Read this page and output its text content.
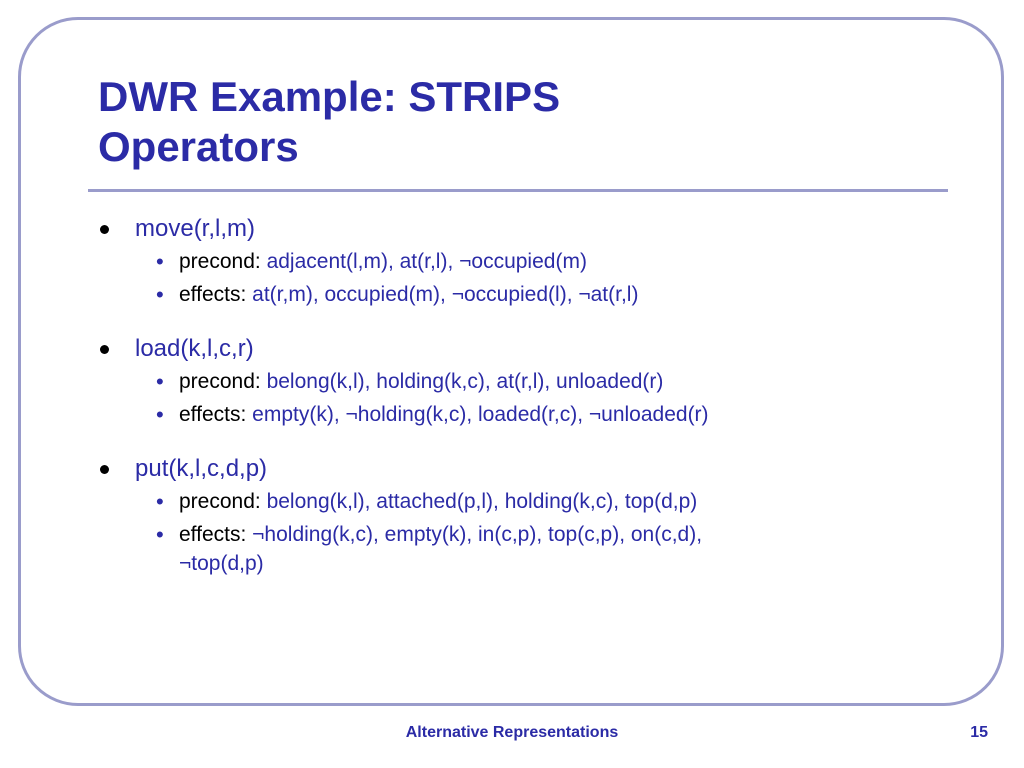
DWR Example: STRIPS
Operators
move(r,l,m)
• precond: adjacent(l,m), at(r,l), ¬occupied(m)
• effects: at(r,m), occupied(m), ¬occupied(l), ¬at(r,l)
load(k,l,c,r)
• precond: belong(k,l), holding(k,c), at(r,l), unloaded(r)
• effects: empty(k), ¬holding(k,c), loaded(r,c), ¬unloaded(r)
put(k,l,c,d,p)
• precond: belong(k,l), attached(p,l), holding(k,c), top(d,p)
• effects: ¬holding(k,c), empty(k), in(c,p), top(c,p), on(c,d),
¬top(d,p)
Alternative Representations	15
